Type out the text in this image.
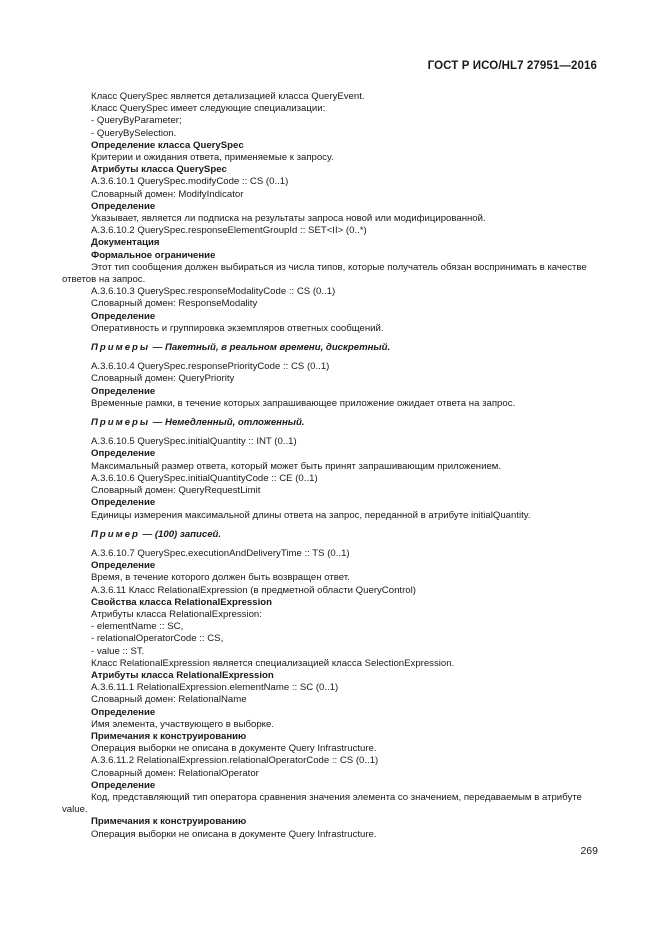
ГОСТ Р ИСО/HL7 27951—2016

Класс QuerySpec является детализацией класса QueryEvent.

Класс QuerySpec имеет следующие специализации:

- QueryByParameter;

- QueryBySelection.

Определение класса QuerySpec

Критерии и ожидания ответа, применяемые к запросу.

Атрибуты класса QuerySpec

A.3.6.10.1 QuerySpec.modifyCode :: CS (0..1)

Словарный домен: ModifyIndicator

Определение

Указывает, является ли подписка на результаты запроса новой или модифицированной.

A.3.6.10.2 QuerySpec.responseElementGroupId :: SET<II> (0..*)

Документация

Формальное ограничение

Этот тип сообщения должен выбираться из числа типов, которые получатель обязан воспринимать в качестве ответов на запрос.

A.3.6.10.3 QuerySpec.responseModalityCode :: CS (0..1)

Словарный домен: ResponseModality

Определение

Оперативность и группировка экземпляров ответных сообщений.

Примеры — Пакетный, в реальном времени, дискретный.

A.3.6.10.4 QuerySpec.responsePriorityCode :: CS (0..1)

Словарный домен: QueryPriority

Определение

Временные рамки, в течение которых запрашивающее приложение ожидает ответа на запрос.

Примеры — Немедленный, отложенный.

A.3.6.10.5 QuerySpec.initialQuantity :: INT (0..1)

Определение

Максимальный размер ответа, который может быть принят запрашивающим приложением.

A.3.6.10.6 QuerySpec.initialQuantityCode :: CE (0..1)

Словарный домен: QueryRequestLimit

Определение

Единицы измерения максимальной длины ответа на запрос, переданной в атрибуте initialQuantity.

Пример — (100) записей.

A.3.6.10.7 QuerySpec.executionAndDeliveryTime :: TS (0..1)

Определение

Время, в течение которого должен быть возвращен ответ.

A.3.6.11 Класс RelationalExpression (в предметной области QueryControl)

Свойства класса RelationalExpression

Атрибуты класса RelationalExpression:

- elementName :: SC,

- relationalOperatorCode :: CS,

- value :: ST.

Класс RelationalExpression является специализацией класса SelectionExpression.

Атрибуты класса RelationalExpression

A.3.6.11.1 RelationalExpression.elementName :: SC (0..1)

Словарный домен: RelationalName

Определение

Имя элемента, участвующего в выборке.

Примечания к конструированию

Операция выборки не описана в документе Query Infrastructure.

A.3.6.11.2 RelationalExpression.relationalOperatorCode :: CS (0..1)

Словарный домен: RelationalOperator

Определение

Код, представляющий тип оператора сравнения значения элемента со значением, передаваемым в атрибуте value.

Примечания к конструированию

Операция выборки не описана в документе Query Infrastructure.

269
